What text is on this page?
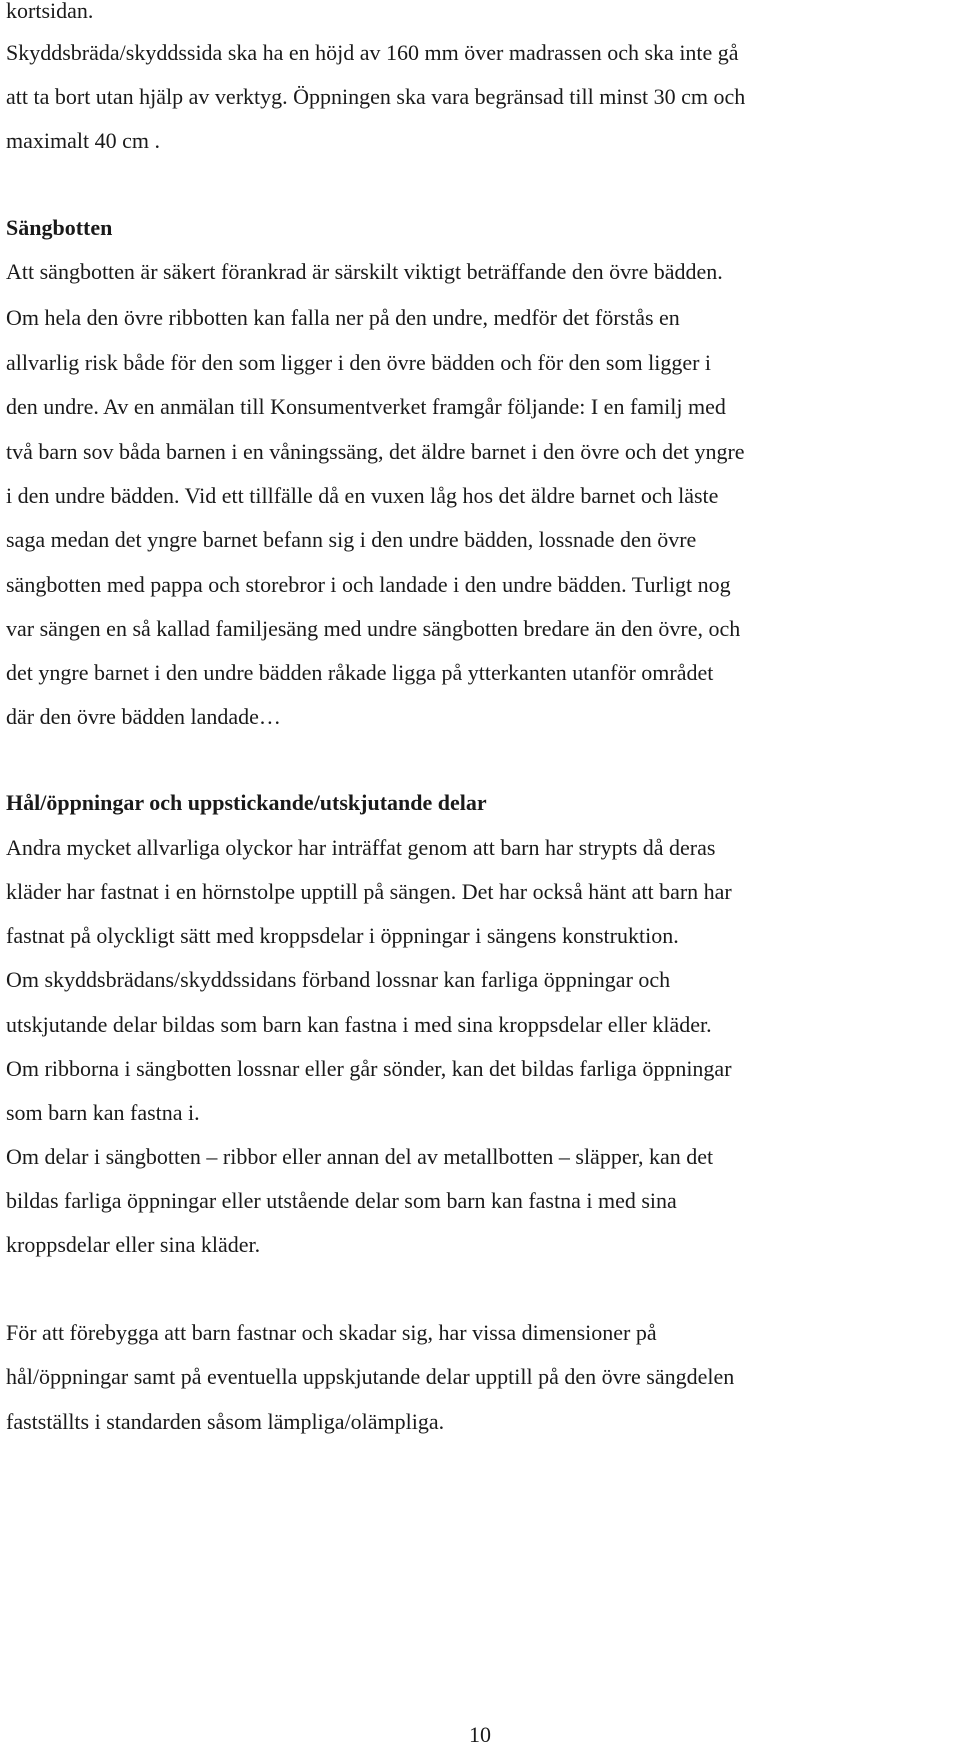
kortsidan.
Skyddsbräda/skyddssida ska ha en höjd av 160 mm över madrassen och ska inte gå
att ta bort utan hjälp av verktyg. Öppningen ska vara begränsad till minst 30 cm och
maximalt 40 cm .
Sängbotten
Att sängbotten är säkert förankrad är särskilt viktigt beträffande den övre bädden.
Om hela den övre ribbotten kan falla ner på den undre, medför det förstås en
allvarlig risk både för den som ligger i den övre bädden och för den som ligger i
den undre. Av en anmälan till Konsumentverket framgår följande: I en familj med
två barn sov båda barnen i en våningssäng, det äldre barnet i den övre och det yngre
i den undre bädden. Vid ett tillfälle då en vuxen låg hos det äldre barnet och läste
saga medan det yngre barnet befann sig i den undre bädden, lossnade den övre
sängbotten med pappa och storebror i och landade i den undre bädden. Turligt nog
var sängen en så kallad familjesäng med undre sängbotten bredare än den övre, och
det yngre barnet i den undre bädden råkade ligga på ytterkanten utanför området
där den övre bädden landade…
Hål/öppningar och uppstickande/utskjutande delar
Andra mycket allvarliga olyckor har inträffat genom att barn har strypts då deras
kläder har fastnat i en hörnstolpe upptill på sängen. Det har också hänt att barn har
fastnat på olyckligt sätt med kroppsdelar i öppningar i sängens konstruktion.
Om skyddsbrädans/skyddssidans förband lossnar kan farliga öppningar och
utskjutande delar bildas som barn kan fastna i med sina kroppsdelar eller kläder.
Om ribborna i sängbotten lossnar eller går sönder, kan det bildas farliga öppningar
som barn kan fastna i.
Om delar i sängbotten – ribbor eller annan del av metallbotten – släpper, kan det
bildas farliga öppningar eller utstående delar som barn kan fastna i med sina
kroppsdelar eller sina kläder.
För att förebygga att barn fastnar och skadar sig, har vissa dimensioner på
hål/öppningar samt på eventuella uppskjutande delar upptill på den övre sängdelen
fastställts i standarden såsom lämpliga/olämpliga.
10
